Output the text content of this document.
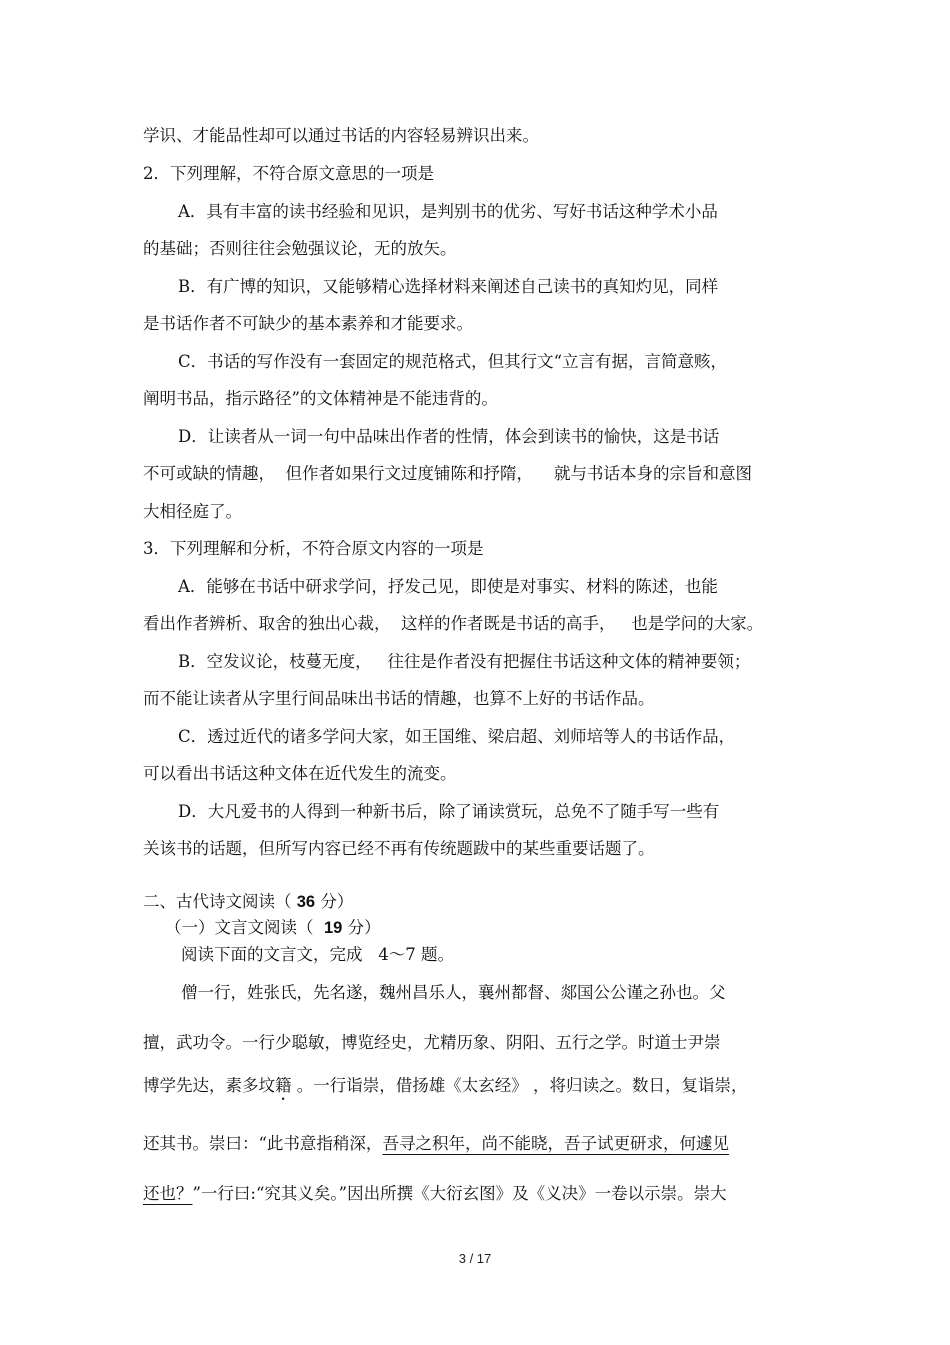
学识、才能品性却可以通过书话的内容轻易辨识出来。
2．下列理解，不符合原文意思的一项是
A．具有丰富的读书经验和见识，是判别书的优劣、写好书话这种学术小品
的基础；否则往往会勉强议论，无的放矢。
B．有广博的知识，又能够精心选择材料来阐述自己读书的真知灼见，同样
是书话作者不可缺少的基本素养和才能要求。
C．书话的写作没有一套固定的规范格式，但其行文“立言有据，言简意赅，
阐明书品，指示路径”的文体精神是不能违背的。
D．让读者从一词一句中品味出作者的性情，体会到读书的愉快，这是书话
不可或缺的情趣，  但作者如果行文过度铺陈和抒隋，    就与书话本身的宗旨和意图
大相径庭了。
3．下列理解和分析，不符合原文内容的一项是
A．能够在书话中研求学问，抒发己见，即使是对事实、材料的陈述，也能
看出作者辨析、取舍的独出心裁，  这样的作者既是书话的高手，   也是学问的大家。
B．空发议论，枝蔓无度，   往往是作者没有把握住书话这种文体的精神要领；
而不能让读者从字里行间品味出书话的情趣，也算不上好的书话作品。
C．透过近代的诸多学问大家，如王国维、梁启超、刘师培等人的书话作品，
可以看出书话这种文体在近代发生的流变。
D．大凡爱书的人得到一种新书后，除了诵读赏玩，总免不了随手写一些有
关该书的话题，但所写内容已经不再有传统题跋中的某些重要话题了。
二、古代诗文阅读（ 36 分）
（一）文言文阅读（  19 分）
阅读下面的文言文，完成   4～7 题。
僧一行，姓张氏，先名遂，魏州昌乐人，襄州都督、郯国公公谨之孙也。父
擅，武功令。一行少聪敏，博览经史，尤精历象、阴阳、五行之学。时道士尹崇
博学先达，素多坟籍 。一行诣崇，借扬雄《太玄经》 ，将归读之。数日，复诣崇，
还其书。崇曰：“此书意指稍深，吾寻之积年，尚不能晓，吾子试更研求，何遽见
还也？”一行曰:“究其义矣。”因出所撰《大衍玄图》及《义决》一卷以示崇。崇大
3 / 17
